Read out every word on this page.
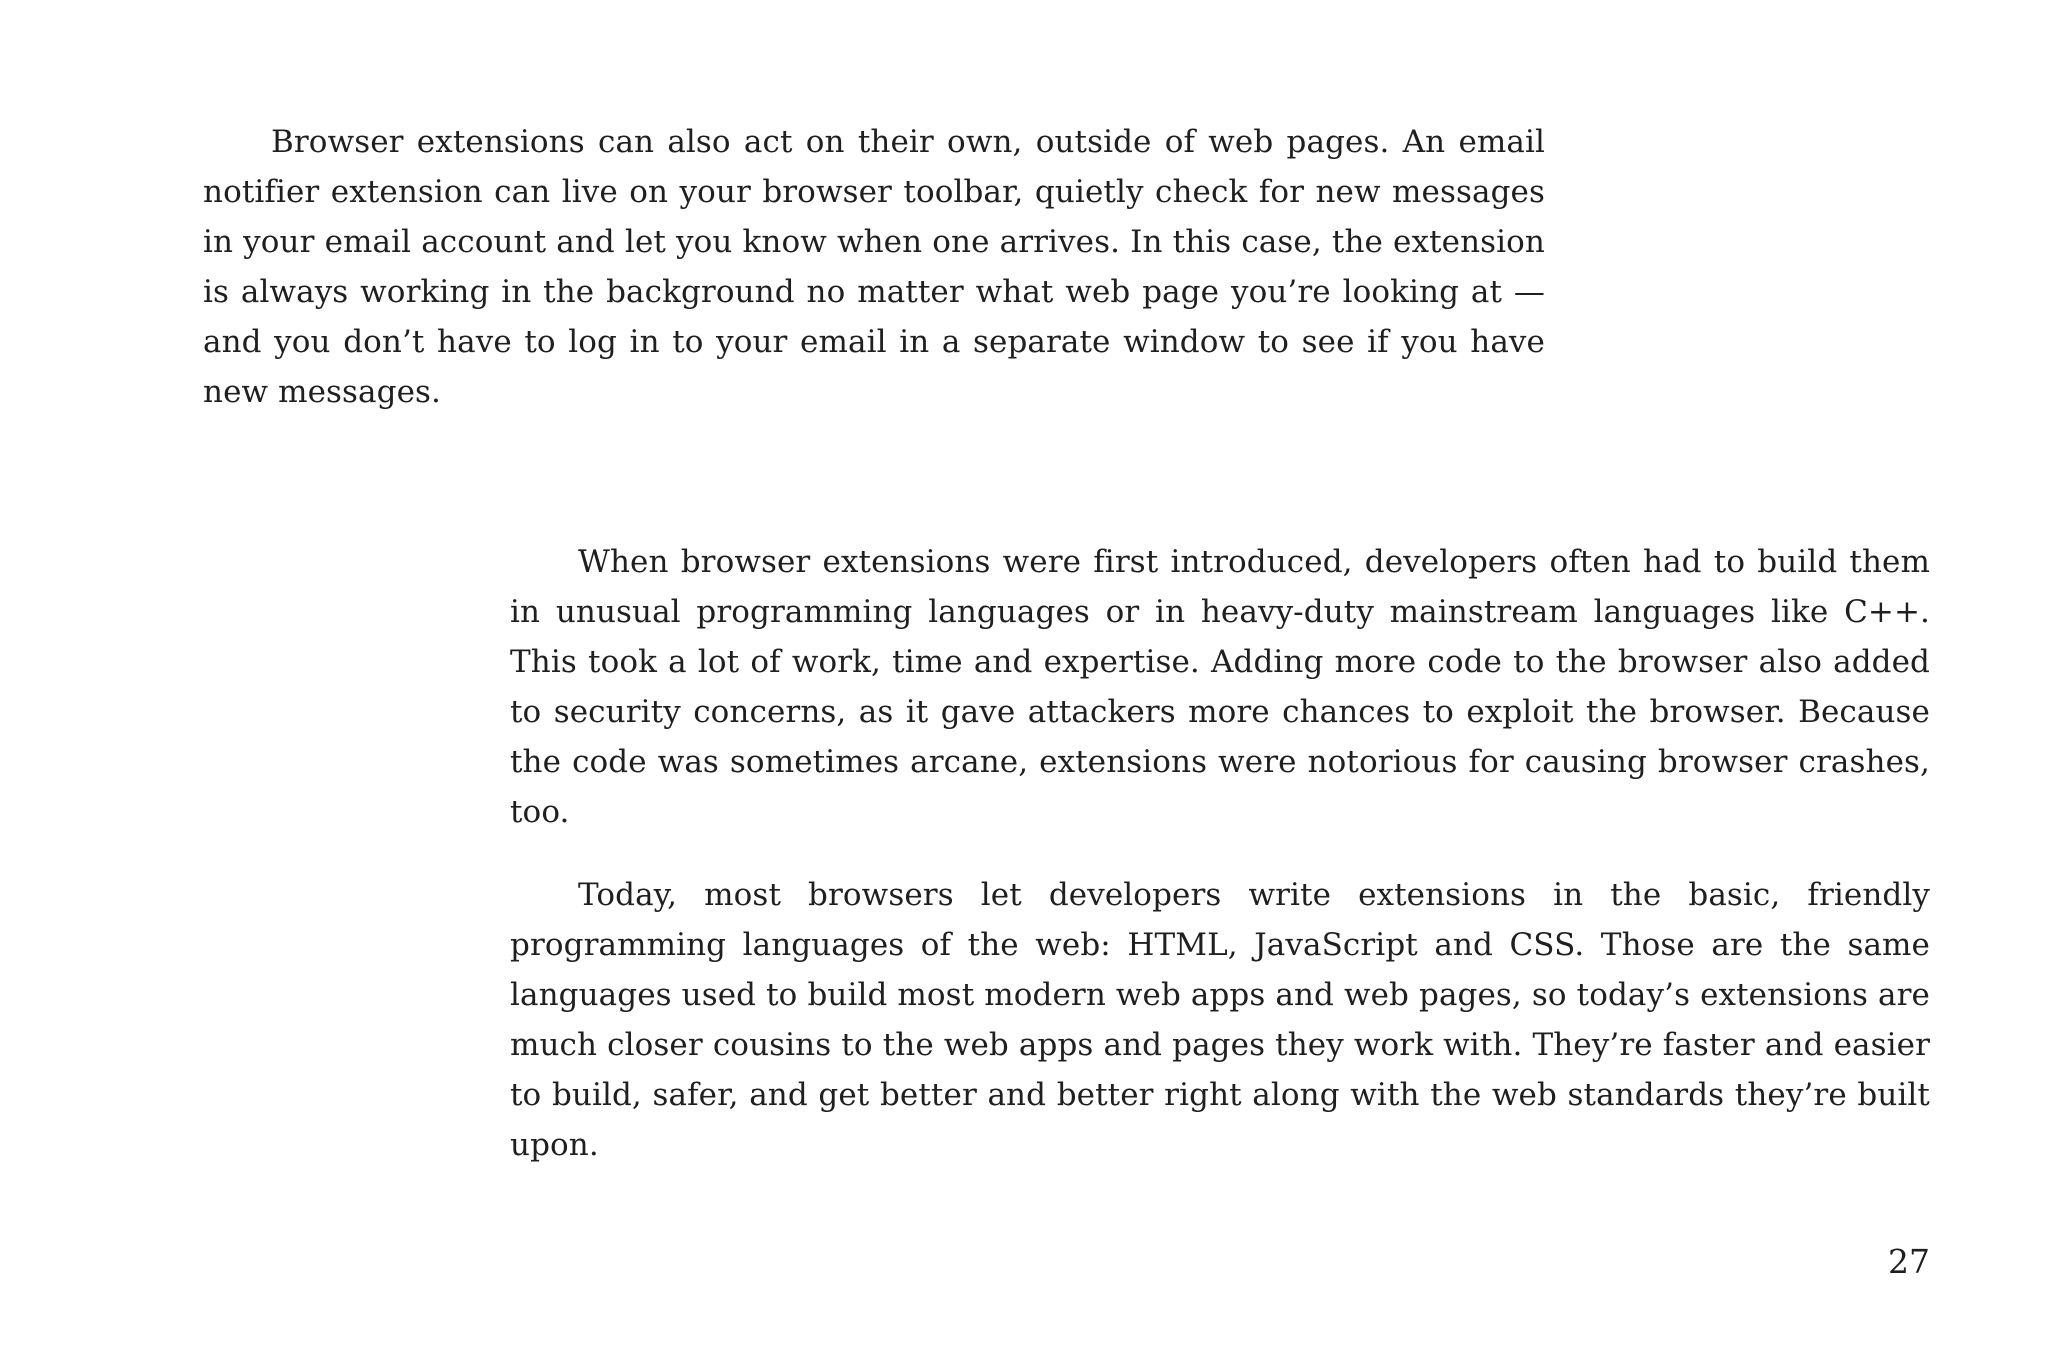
Browser extensions can also act on their own, outside of web pages. An email notifier extension can live on your browser toolbar, quietly check for new messages in your email account and let you know when one arrives. In this case, the extension is always working in the background no matter what web page you’re looking at — and you don’t have to log in to your email in a separate window to see if you have new messages.

When browser extensions were first introduced, developers often had to build them in unusual programming languages or in heavy-duty mainstream languages like C++. This took a lot of work, time and expertise. Adding more code to the browser also added to security concerns, as it gave attackers more chances to exploit the browser. Because the code was sometimes arcane, extensions were notorious for causing browser crashes, too.

Today, most browsers let developers write extensions in the basic, friendly programming languages of the web: HTML, JavaScript and CSS. Those are the same languages used to build most modern web apps and web pages, so today’s extensions are much closer cousins to the web apps and pages they work with. They’re faster and easier to build, safer, and get better and better right along with the web standards they’re built upon.

27
